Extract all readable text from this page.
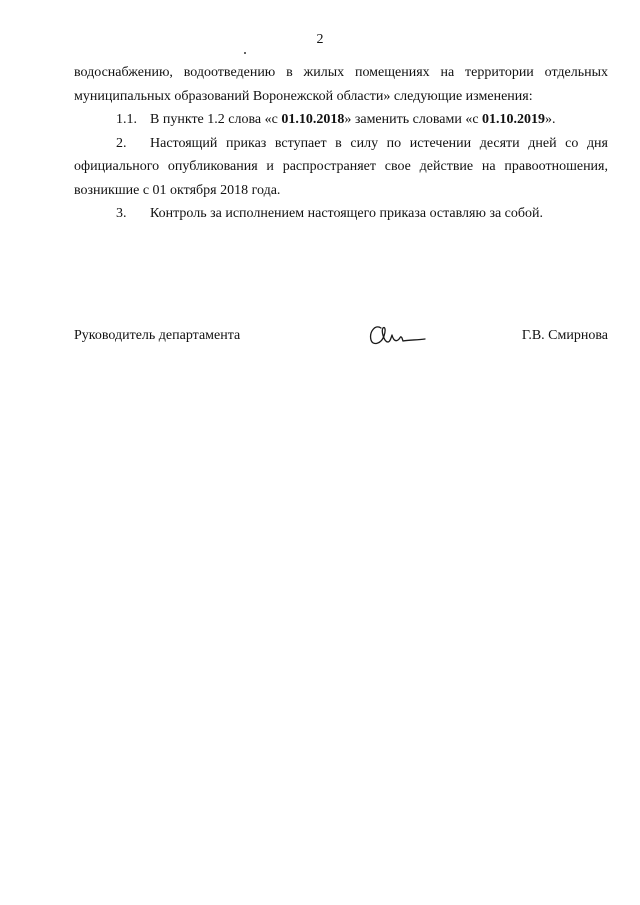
2

водоснабжению, водоотведению в жилых помещениях на территории отдельных
муниципальных образований Воронежской области» следующие изменения:

1.1. В пункте 1.2 слова «с 01.10.2018» заменить словами «с 01.10.2019».

2. Настоящий приказ вступает в силу по истечении десяти дней со дня официального опубликования и распространяет свое действие на правоотношения, возникшие с 01 октября 2018 года.

3. Контроль за исполнением настоящего приказа оставляю за собой.

Руководитель департамента	Г.В. Смирнова
